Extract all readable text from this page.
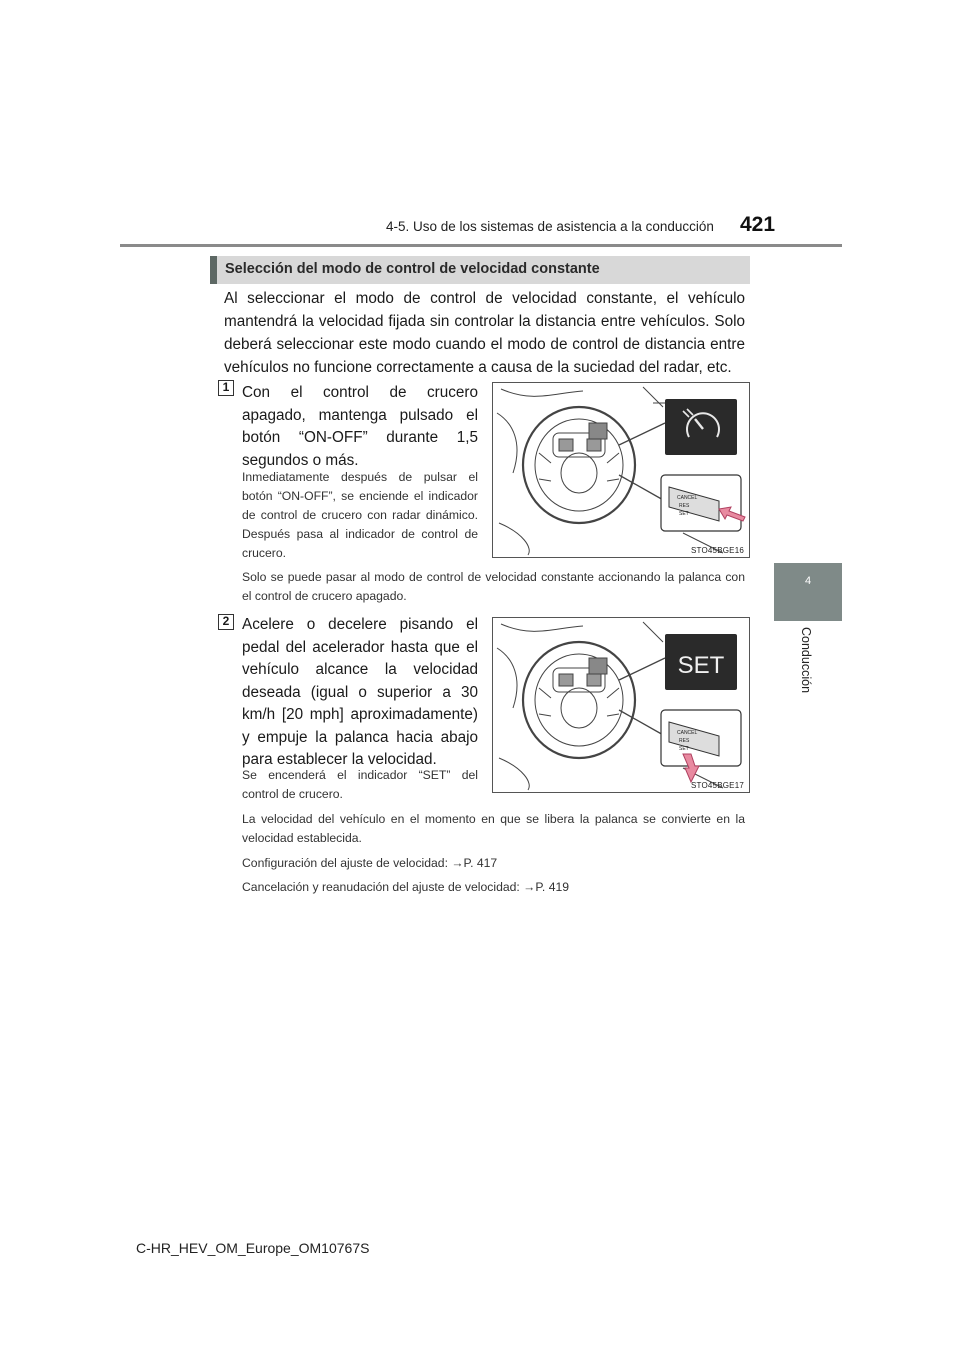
4-5. Uso de los sistemas de asistencia a la conducción 421
4
Conducción
Selección del modo de control de velocidad constante

Al seleccionar el modo de control de velocidad constante, el vehículo mantendrá la velocidad fijada sin controlar la distancia entre vehículos. Solo deberá seleccionar este modo cuando el modo de control de distancia entre vehículos no funcione correctamente a causa de la suciedad del radar, etc.

1 Con el control de crucero apagado, mantenga pulsado el botón “ON-OFF” durante 1,5 segundos o más.

Inmediatamente después de pulsar el botón “ON-OFF”, se enciende el indicador de control de crucero con radar dinámico. Después pasa al indicador de control de crucero.

Solo se puede pasar al modo de control de velocidad constante accionando la palanca con el control de crucero apagado.

CANCEL
RES
SET
STO45BGE16
2 Acelere o decelere pisando el pedal del acelerador hasta que el vehículo alcance la velocidad deseada (igual o superior a 30 km/h [20 mph] aproximadamente) y empuje la palanca hacia abajo para establecer la velocidad.

Se encenderá el indicador “SET” del control de crucero.

La velocidad del vehículo en el momento en que se libera la palanca se convierte en la velocidad establecida.

SET
CANCEL
RES
SET
STO45BGE17

Configuración del ajuste de velocidad: →P. 417

Cancelación y reanudación del ajuste de velocidad: →P. 419

C-HR_HEV_OM_Europe_OM10767S
